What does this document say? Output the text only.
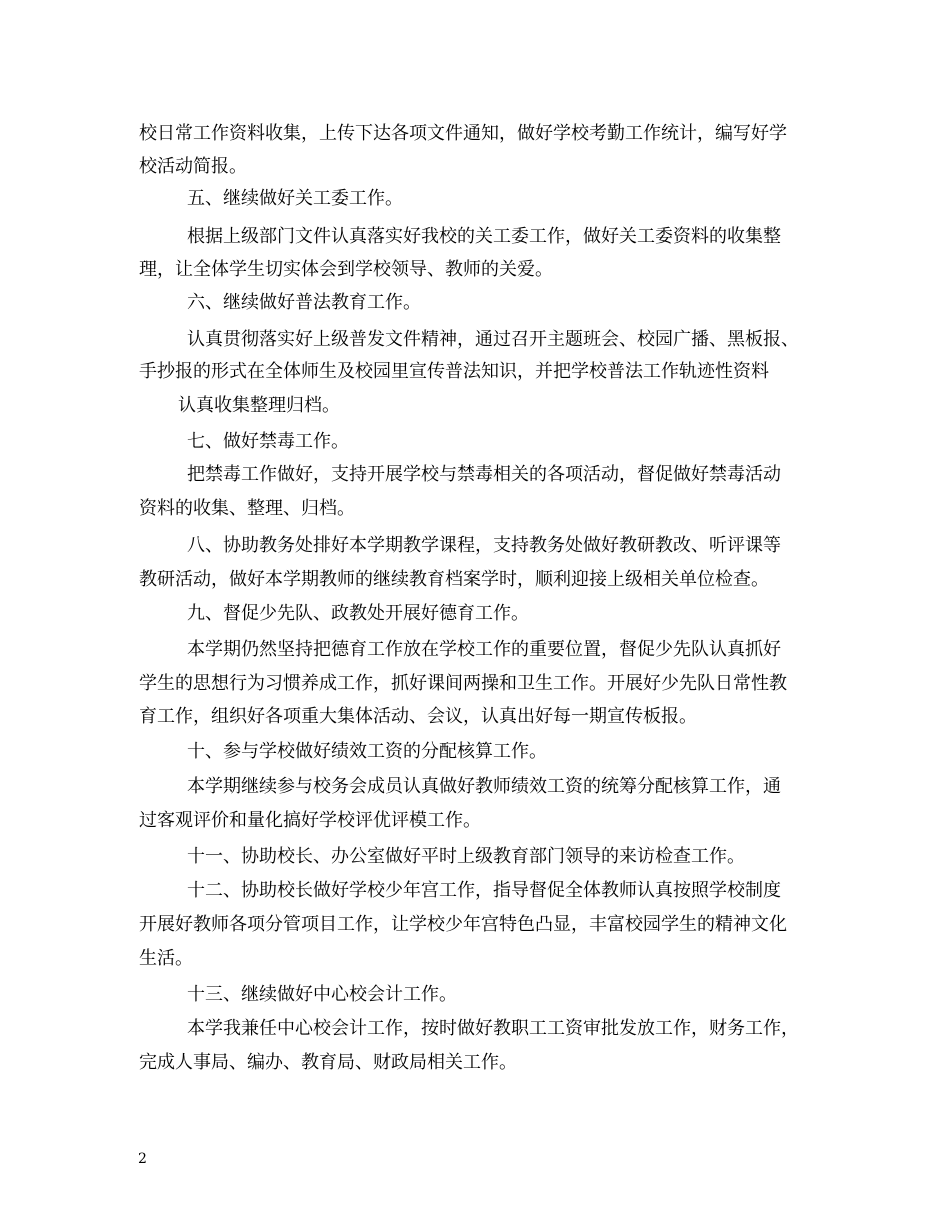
校日常工作资料收集，上传下达各项文件通知，做好学校考勤工作统计，编写好学
校活动简报。
五、继续做好关工委工作。
根据上级部门文件认真落实好我校的关工委工作，做好关工委资料的收集整
理，让全体学生切实体会到学校领导、教师的关爱。
六、继续做好普法教育工作。
认真贯彻落实好上级普发文件精神，通过召开主题班会、校园广播、黑板报、
手抄报的形式在全体师生及校园里宣传普法知识，并把学校普法工作轨迹性资料
认真收集整理归档。
七、做好禁毒工作。
把禁毒工作做好，支持开展学校与禁毒相关的各项活动，督促做好禁毒活动
资料的收集、整理、归档。
八、协助教务处排好本学期教学课程，支持教务处做好教研教改、听评课等
教研活动，做好本学期教师的继续教育档案学时，顺利迎接上级相关单位检查。
九、督促少先队、政教处开展好德育工作。
本学期仍然坚持把德育工作放在学校工作的重要位置，督促少先队认真抓好
学生的思想行为习惯养成工作，抓好课间两操和卫生工作。开展好少先队日常性教
育工作，组织好各项重大集体活动、会议，认真出好每一期宣传板报。
十、参与学校做好绩效工资的分配核算工作。
本学期继续参与校务会成员认真做好教师绩效工资的统筹分配核算工作，通
过客观评价和量化搞好学校评优评模工作。
十一、协助校长、办公室做好平时上级教育部门领导的来访检查工作。
十二、协助校长做好学校少年宫工作，指导督促全体教师认真按照学校制度
开展好教师各项分管项目工作，让学校少年宫特色凸显，丰富校园学生的精神文化
生活。
十三、继续做好中心校会计工作。
本学我兼任中心校会计工作，按时做好教职工工资审批发放工作，财务工作，
完成人事局、编办、教育局、财政局相关工作。
2
